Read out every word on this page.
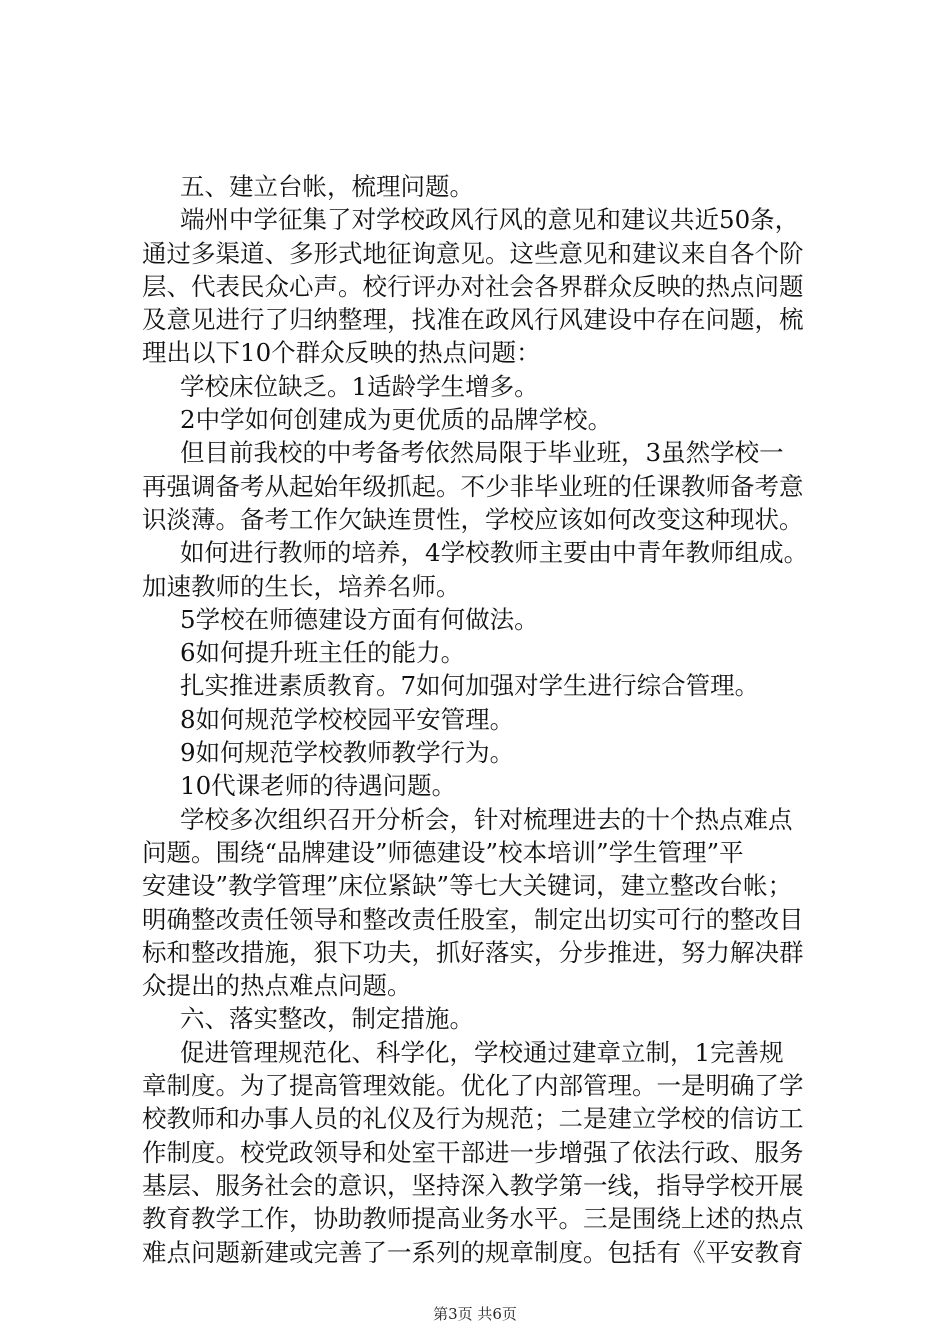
五、建立台帐，梳理问题。
端州中学征集了对学校政风行风的意见和建议共近50条，
通过多渠道、多形式地征询意见。这些意见和建议来自各个阶
层、代表民众心声。校行评办对社会各界群众反映的热点问题
及意见进行了归纳整理，找准在政风行风建设中存在问题，梳
理出以下10个群众反映的热点问题：
学校床位缺乏。1适龄学生增多。
2中学如何创建成为更优质的品牌学校。
但目前我校的中考备考依然局限于毕业班，3虽然学校一
再强调备考从起始年级抓起。不少非毕业班的任课教师备考意
识淡薄。备考工作欠缺连贯性，学校应该如何改变这种现状。
如何进行教师的培养，4学校教师主要由中青年教师组成。
加速教师的生长，培养名师。
5学校在师德建设方面有何做法。
6如何提升班主任的能力。
扎实推进素质教育。7如何加强对学生进行综合管理。
8如何规范学校校园平安管理。
9如何规范学校教师教学行为。
10代课老师的待遇问题。
学校多次组织召开分析会，针对梳理进去的十个热点难点
问题。围绕“品牌建设”师德建设”校本培训”学生管理”平
安建设”教学管理”床位紧缺”等七大关键词，建立整改台帐；
明确整改责任领导和整改责任股室，制定出切实可行的整改目
标和整改措施，狠下功夫，抓好落实，分步推进，努力解决群
众提出的热点难点问题。
六、落实整改，制定措施。
促进管理规范化、科学化，学校通过建章立制，1完善规
章制度。为了提高管理效能。优化了内部管理。一是明确了学
校教师和办事人员的礼仪及行为规范；二是建立学校的信访工
作制度。校党政领导和处室干部进一步增强了依法行政、服务
基层、服务社会的意识，坚持深入教学第一线，指导学校开展
教育教学工作，协助教师提高业务水平。三是围绕上述的热点
难点问题新建或完善了一系列的规章制度。包括有《平安教育
第3页 共6页
